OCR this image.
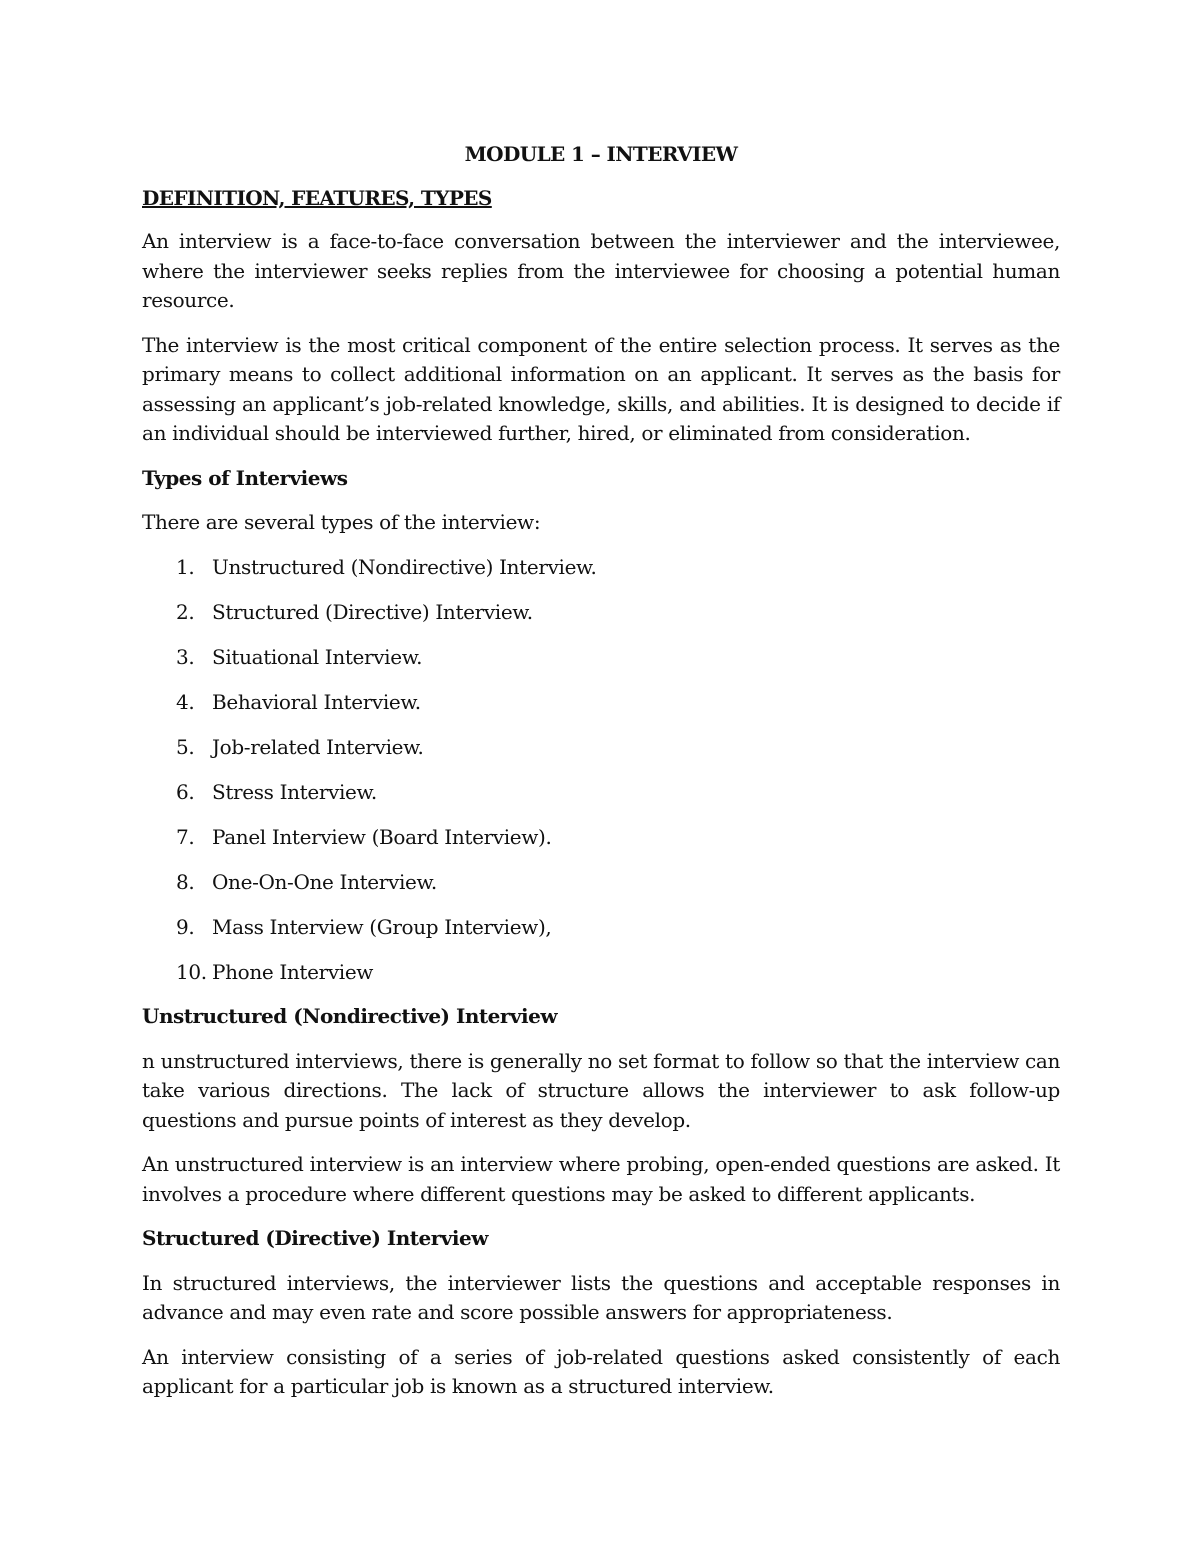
MODULE 1 – INTERVIEW
DEFINITION, FEATURES, TYPES

An interview is a face-to-face conversation between the interviewer and the interviewee, where the interviewer seeks replies from the interviewee for choosing a potential human resource.

The interview is the most critical component of the entire selection process. It serves as the primary means to collect additional information on an applicant. It serves as the basis for assessing an applicant’s job-related knowledge, skills, and abilities. It is designed to decide if an individual should be interviewed further, hired, or eliminated from consideration.

Types of Interviews

There are several types of the interview:

1. Unstructured (Nondirective) Interview.
2. Structured (Directive) Interview.
3. Situational Interview.
4. Behavioral Interview.
5. Job-related Interview.
6. Stress Interview.
7. Panel Interview (Board Interview).
8. One-On-One Interview.
9. Mass Interview (Group Interview),
10. Phone Interview
Unstructured (Nondirective) Interview

n unstructured interviews, there is generally no set format to follow so that the interview can take various directions. The lack of structure allows the interviewer to ask follow-up questions and pursue points of interest as they develop.

An unstructured interview is an interview where probing, open-ended questions are asked. It involves a procedure where different questions may be asked to different applicants.

Structured (Directive) Interview

In structured interviews, the interviewer lists the questions and acceptable responses in advance and may even rate and score possible answers for appropriateness.

An interview consisting of a series of job-related questions asked consistently of each applicant for a particular job is known as a structured interview.
